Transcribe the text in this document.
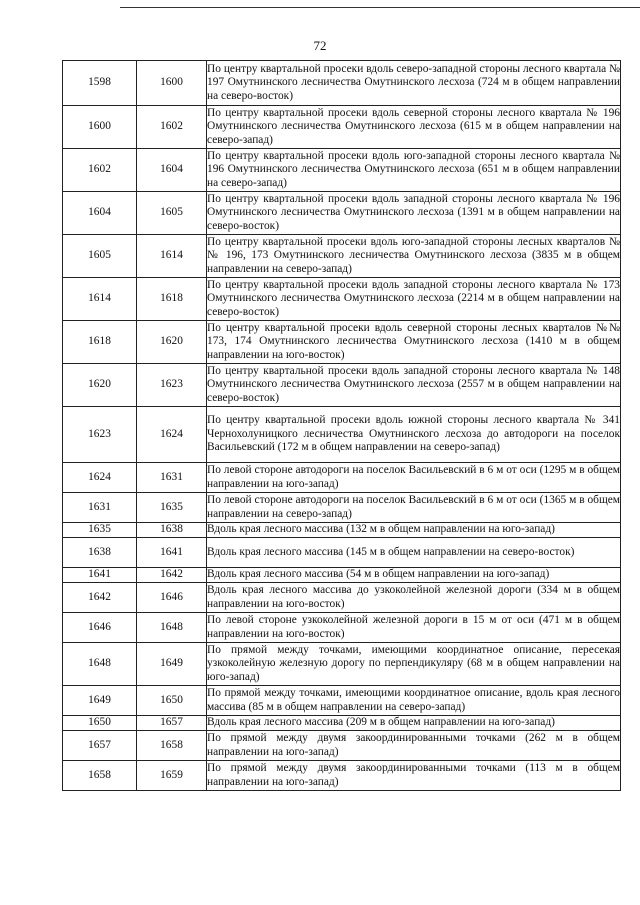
72
1598	1600	По центру квартальной просеки вдоль северо-западной стороны лесного квартала № 197 Омутнинского лесничества Омутнинского лесхоза (724 м в общем направлении на северо-восток)
1600	1602	По центру квартальной просеки вдоль северной стороны лесного квартала № 196 Омутнинского лесничества Омутнинского лесхоза (615 м в общем направлении на северо-запад)
1602	1604	По центру квартальной просеки вдоль юго-западной стороны лесного квартала № 196 Омутнинского лесничества Омутнинского лесхоза (651 м в общем направлении на северо-запад)
1604	1605	По центру квартальной просеки вдоль западной стороны лесного квартала № 196 Омутнинского лесничества Омутнинского лесхоза (1391 м в общем направлении на северо-восток)
1605	1614	По центру квартальной просеки вдоль юго-западной стороны лесных кварталов №№ 196, 173 Омутнинского лесничества Омутнинского лесхоза (3835 м в общем направлении на северо-запад)
1614	1618	По центру квартальной просеки вдоль западной стороны лесного квартала № 173 Омутнинского лесничества Омутнинского лесхоза (2214 м в общем направлении на северо-восток)
1618	1620	По центру квартальной просеки вдоль северной стороны лесных кварталов №№ 173, 174 Омутнинского лесничества Омутнинского лесхоза (1410 м в общем направлении на юго-восток)
1620	1623	По центру квартальной просеки вдоль западной стороны лесного квартала № 148 Омутнинского лесничества Омутнинского лесхоза (2557 м в общем направлении на северо-восток)
1623	1624	По центру квартальной просеки вдоль южной стороны лесного квартала № 341 Чернохолуницкого лесничества Омутнинского лесхоза до автодороги на поселок Васильевский (172 м в общем направлении на северо-запад)
1624	1631	По левой стороне автодороги на поселок Васильевский в 6 м от оси (1295 м в общем направлении на юго-запад)
1631	1635	По левой стороне автодороги на поселок Васильевский в 6 м от оси (1365 м в общем направлении на северо-запад)
1635	1638	Вдоль края лесного массива (132 м в общем направлении на юго-запад)
1638	1641	Вдоль края лесного массива (145 м в общем направлении на северо-восток)
1641	1642	Вдоль края лесного массива (54 м в общем направлении на юго-запад)
1642	1646	Вдоль края лесного массива до узкоколейной железной дороги (334 м в общем направлении на юго-восток)
1646	1648	По левой стороне узкоколейной железной дороги в 15 м от оси (471 м в общем направлении на юго-восток)
1648	1649	По прямой между точками, имеющими координатное описание, пересекая узкоколейную железную дорогу по перпендикуляру (68 м в общем направлении на юго-запад)
1649	1650	По прямой между точками, имеющими координатное описание, вдоль края лесного массива (85 м в общем направлении на северо-запад)
1650	1657	Вдоль края лесного массива (209 м в общем направлении на юго-запад)
1657	1658	По прямой между двумя закоординированными точками (262 м в общем направлении на юго-запад)
1658	1659	По прямой между двумя закоординированными точками (113 м в общем направлении на юго-запад)
